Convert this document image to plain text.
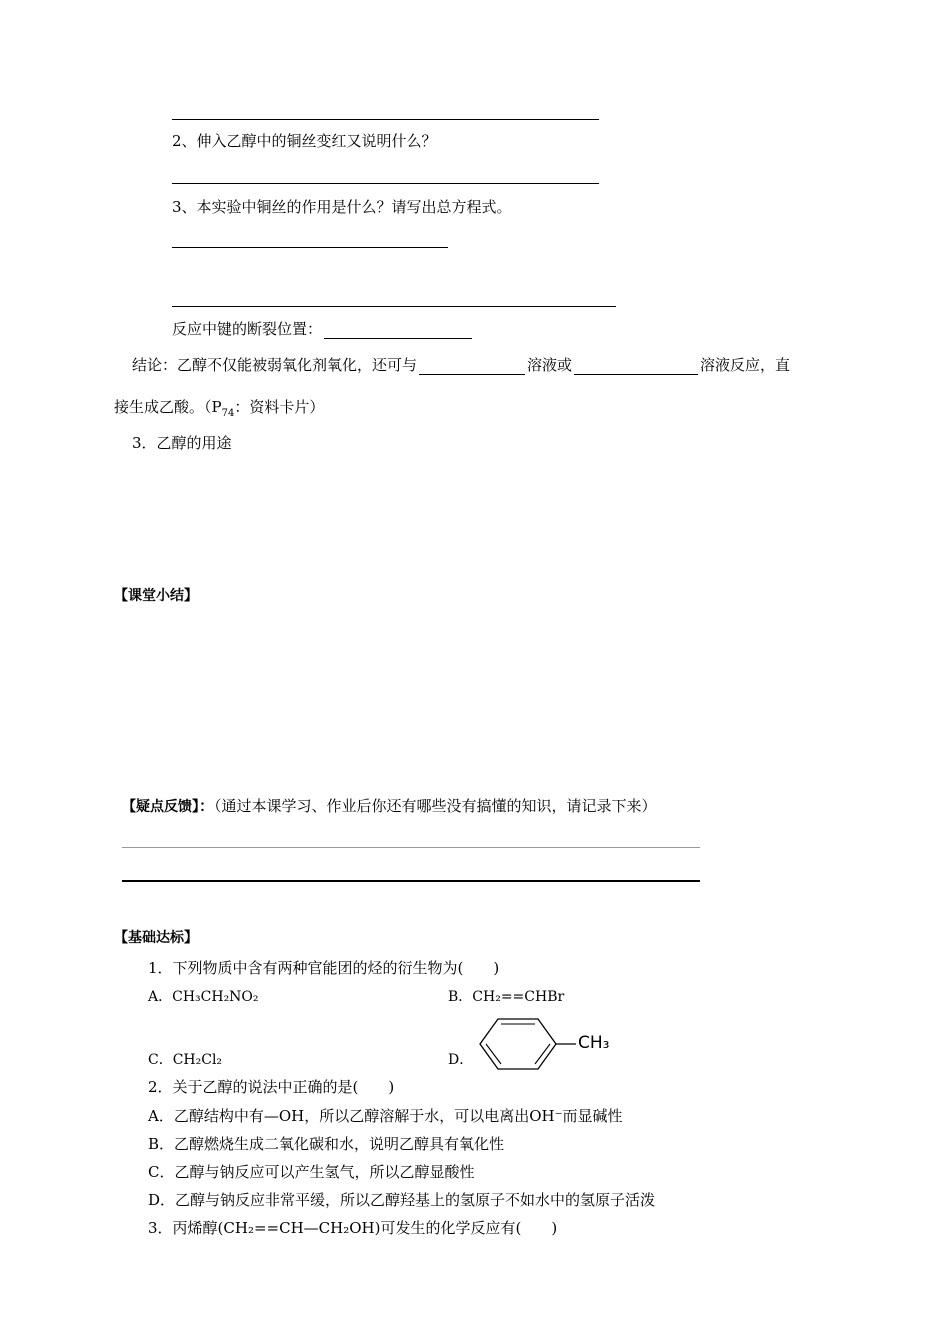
2、伸入乙醇中的铜丝变红又说明什么？
3、本实验中铜丝的作用是什么？请写出总方程式。
反应中键的断裂位置：
结论：乙醇不仅能被弱氧化剂氧化，还可与	溶液或	溶液反应，直
接生成乙酸。（$P_{74}$：资料卡片）
3．乙醇的用途
【课堂小结】
【疑点反馈】：（通过本课学习、作业后你还有哪些没有搞懂的知识，请记录下来）
【基础达标】
1．下列物质中含有两种官能团的烃的衍生物为(　　)
A．CH₃CH₂NO₂	B．CH₂==CHBr
C．CH₂Cl₂	D．
CH₃
2．关于乙醇的说法中正确的是(　　)
A．乙醇结构中有—OH，所以乙醇溶解于水，可以电离出OH⁻而显碱性
B．乙醇燃烧生成二氧化碳和水，说明乙醇具有氧化性
C．乙醇与钠反应可以产生氢气，所以乙醇显酸性
D．乙醇与钠反应非常平缓，所以乙醇羟基上的氢原子不如水中的氢原子活泼
3．丙烯醇(CH₂==CH—CH₂OH)可发生的化学反应有(　　)
